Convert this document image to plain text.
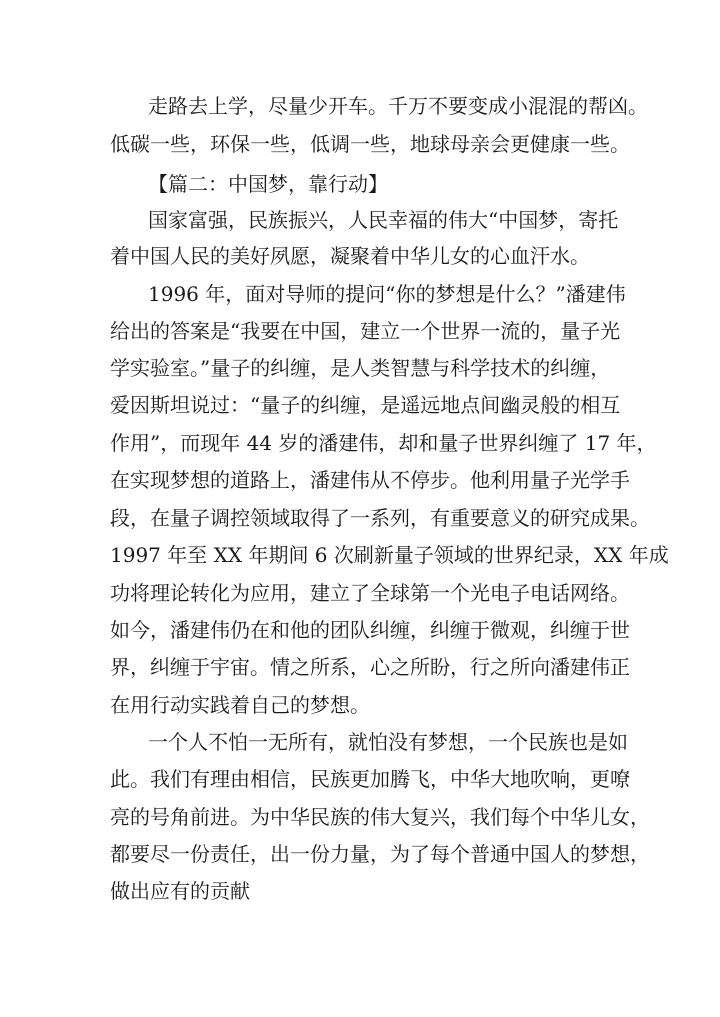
走路去上学，尽量少开车。千万不要变成小混混的帮凶。
低碳一些，环保一些，低调一些，地球母亲会更健康一些。
【篇二：中国梦，靠行动】
国家富强，民族振兴，人民幸福的伟大“中国梦，寄托
着中国人民的美好夙愿，凝聚着中华儿女的心血汗水。
1996 年，面对导师的提问“你的梦想是什么？”潘建伟
给出的答案是“我要在中国，建立一个世界一流的，量子光
学实验室。”量子的纠缠，是人类智慧与科学技术的纠缠，
爱因斯坦说过：“量子的纠缠，是遥远地点间幽灵般的相互
作用”，而现年 44 岁的潘建伟，却和量子世界纠缠了 17 年，
在实现梦想的道路上，潘建伟从不停步。他利用量子光学手
段，在量子调控领域取得了一系列，有重要意义的研究成果。
1997 年至 XX 年期间 6 次刷新量子领域的世界纪录，XX 年成
功将理论转化为应用，建立了全球第一个光电子电话网络。
如今，潘建伟仍在和他的团队纠缠，纠缠于微观，纠缠于世
界，纠缠于宇宙。情之所系，心之所盼，行之所向潘建伟正
在用行动实践着自己的梦想。
一个人不怕一无所有，就怕没有梦想，一个民族也是如
此。我们有理由相信，民族更加腾飞，中华大地吹响，更嘹
亮的号角前进。为中华民族的伟大复兴，我们每个中华儿女，
都要尽一份责任，出一份力量，为了每个普通中国人的梦想，
做出应有的贡献
